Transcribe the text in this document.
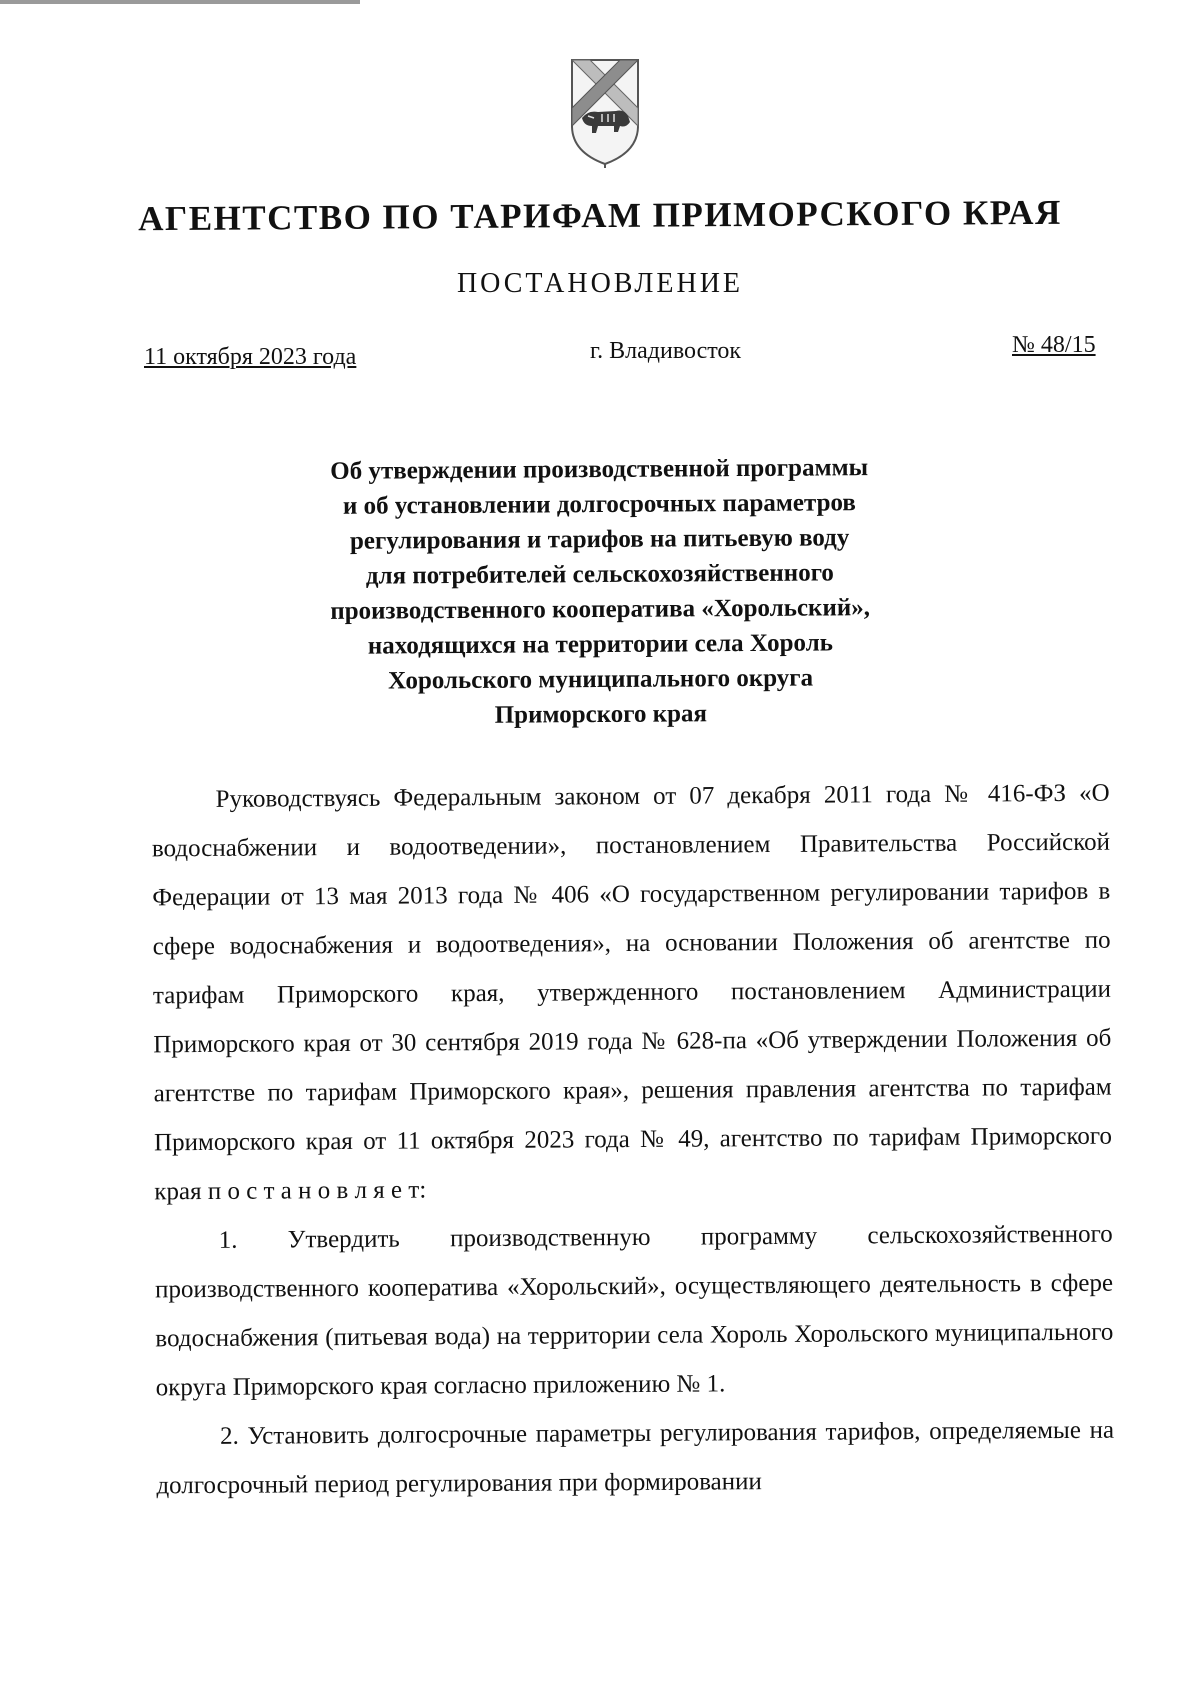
АГЕНТСТВО ПО ТАРИФАМ ПРИМОРСКОГО КРАЯ
ПОСТАНОВЛЕНИЕ
11 октября 2023 года	г. Владивосток	№ 48/15
Об утверждении производственной программы
и об установлении долгосрочных параметров
регулирования и тарифов на питьевую воду
для потребителей сельскохозяйственного
производственного кооператива «Хорольский»,
находящихся на территории села Хороль
Хорольского муниципального округа
Приморского края

Руководствуясь Федеральным законом от 07 декабря 2011 года № 416-ФЗ «О водоснабжении и водоотведении», постановлением Правительства Российской Федерации от 13 мая 2013 года № 406 «О государственном регулировании тарифов в сфере водоснабжения и водоотведения», на основании Положения об агентстве по тарифам Приморского края, утвержденного постановлением Администрации Приморского края от 30 сентября 2019 года № 628-па «Об утверждении Положения об агентстве по тарифам Приморского края», решения правления агентства по тарифам Приморского края от 11 октября 2023 года № 49, агентство по тарифам Приморского края п о с т а н о в л я е т:

1. Утвердить производственную программу сельскохозяйственного производственного кооператива «Хорольский», осуществляющего деятельность в сфере водоснабжения (питьевая вода) на территории села Хороль Хорольского муниципального округа Приморского края согласно приложению № 1.

2. Установить долгосрочные параметры регулирования тарифов, определяемые на долгосрочный период регулирования при формировании
